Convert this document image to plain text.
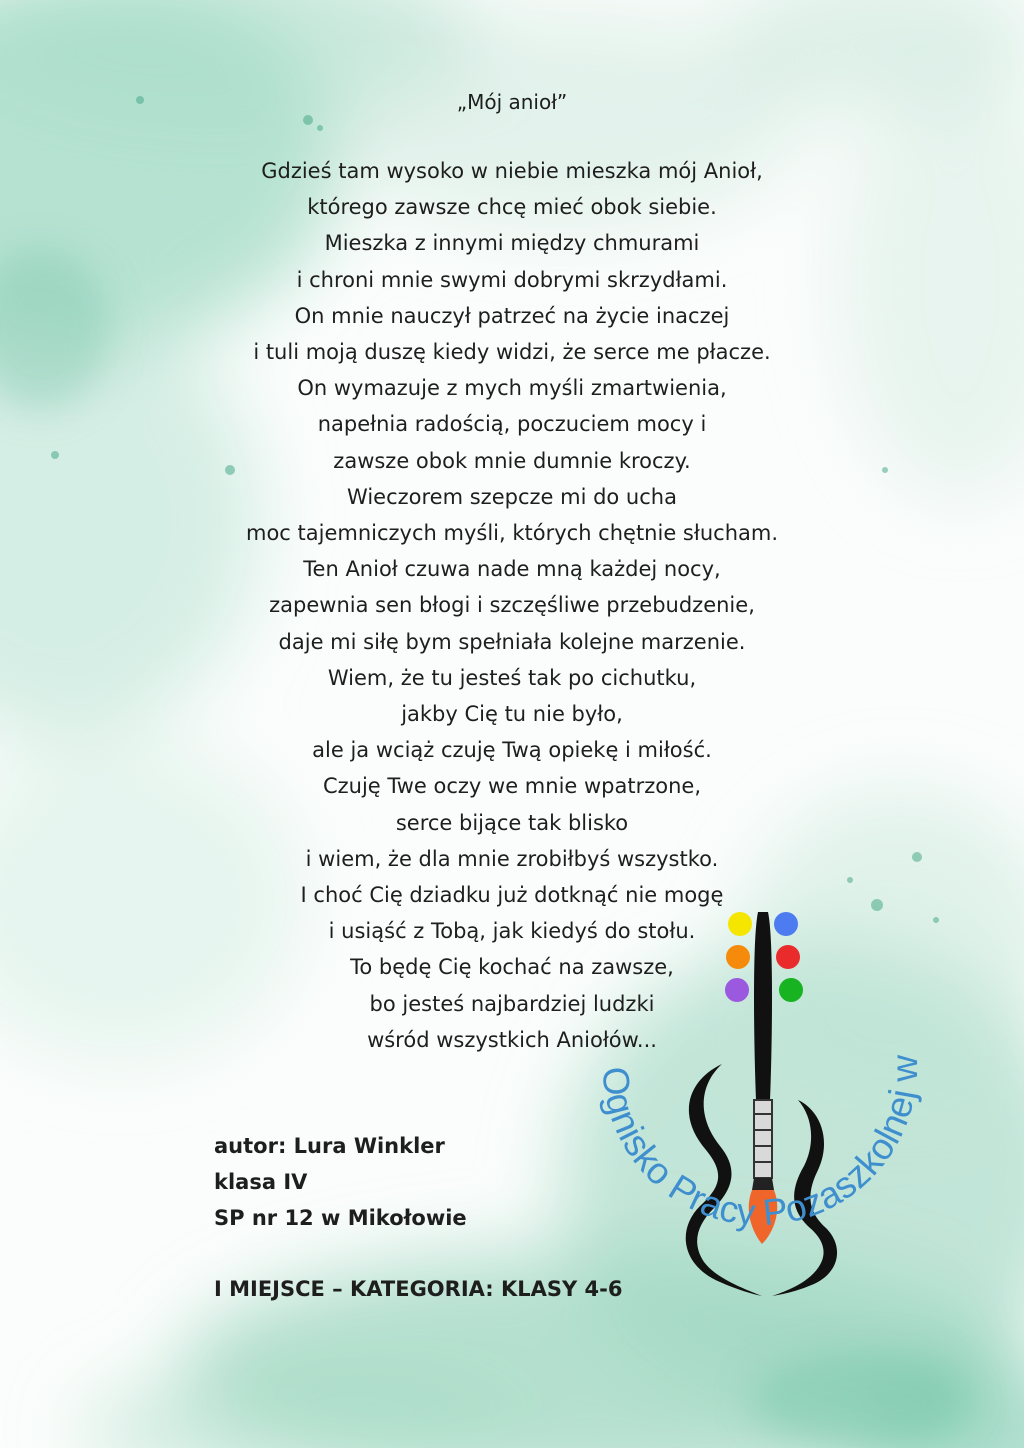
„Mój anioł”
Gdzieś tam wysoko w niebie mieszka mój Anioł,
którego zawsze chcę mieć obok siebie.
Mieszka z innymi między chmurami
i chroni mnie swymi dobrymi skrzydłami.
On mnie nauczył patrzeć na życie inaczej
i tuli moją duszę kiedy widzi, że serce me płacze.
On wymazuje z mych myśli zmartwienia,
napełnia radością, poczuciem mocy i
zawsze obok mnie dumnie kroczy.
Wieczorem szepcze mi do ucha
moc tajemniczych myśli, których chętnie słucham.
Ten Anioł czuwa nade mną każdej nocy,
zapewnia sen błogi i szczęśliwe przebudzenie,
daje mi siłę bym spełniała kolejne marzenie.
Wiem, że tu jesteś tak po cichutku,
jakby Cię tu nie było,
ale ja wciąż czuję Twą opiekę i miłość.
Czuję Twe oczy we mnie wpatrzone,
serce bijące tak blisko
i wiem, że dla mnie zrobiłbyś wszystko.
I choć Cię dziadku już dotknąć nie mogę
i usiąść z Tobą, jak kiedyś do stołu.
To będę Cię kochać na zawsze,
bo jesteś najbardziej ludzki
wśród wszystkich Aniołów...
autor: Lura Winkler
klasa IV
SP nr 12 w Mikołowie
I MIEJSCE – KATEGORIA: KLASY 4-6
Ognisko Pracy Pozaszkolnej w
